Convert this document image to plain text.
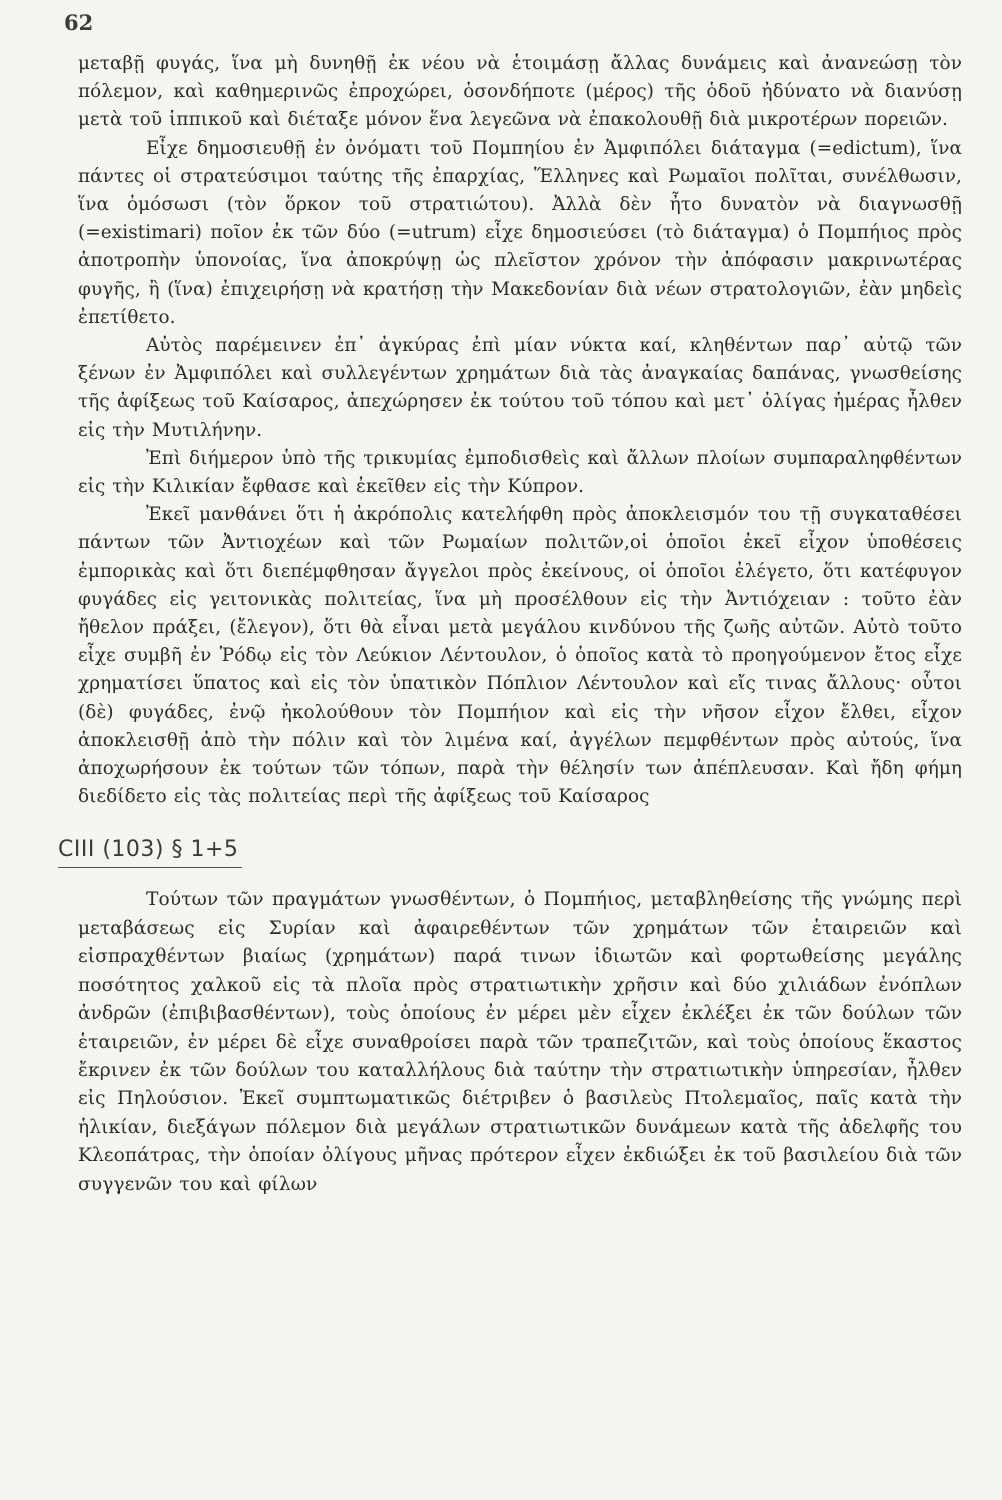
62

μεταβῇ φυγάς, ἵνα μὴ δυνηθῇ ἐκ νέου νὰ ἑτοιμάσῃ ἄλλας δυνάμεις καὶ ἀνανεώσῃ τὸν πόλεμον, καὶ καθημερινῶς ἐπροχώρει, ὁσονδήποτε (μέρος) τῆς ὁδοῦ ἠδύνατο νὰ διανύσῃ μετὰ τοῦ ἱππικοῦ καὶ διέταξε μόνον ἕνα λεγεῶνα νὰ ἐπακολουθῇ διὰ μικροτέρων πορειῶν.

Εἶχε δημοσιευθῇ ἐν ὀνόματι τοῦ Πομπηίου ἐν Ἀμφιπόλει διάταγμα (=edictum), ἵνα πάντες οἱ στρατεύσιμοι ταύτης τῆς ἐπαρχίας, Ἕλληνες καὶ Ρωμαῖοι πολῖται, συνέλθωσιν, ἵνα ὁμόσωσι (τὸν ὅρκον τοῦ στρατιώτου). Ἀλλὰ δὲν ἦτο δυνατὸν νὰ διαγνωσθῇ (=existimari) ποῖον ἐκ τῶν δύο (=utrum) εἶχε δημοσιεύσει (τὸ διάταγμα) ὁ Πομπήιος πρὸς ἀποτροπὴν ὑπονοίας, ἵνα ἀποκρύψῃ ὡς πλεῖστον χρόνον τὴν ἀπόφασιν μακρινωτέρας φυγῆς, ἢ (ἵνα) ἐπιχειρήσῃ νὰ κρατήσῃ τὴν Μακεδονίαν διὰ νέων στρατολογιῶν, ἐὰν μηδεὶς ἐπετίθετο.

Αὐτὸς παρέμεινεν ἐπ᾽ ἀγκύρας ἐπὶ μίαν νύκτα καί, κληθέντων παρ᾽ αὐτῷ τῶν ξένων ἐν Ἀμφιπόλει καὶ συλλεγέντων χρημάτων διὰ τὰς ἀναγκαίας δαπάνας, γνωσθείσης τῆς ἀφίξεως τοῦ Καίσαρος, ἀπεχώρησεν ἐκ τούτου τοῦ τόπου καὶ μετ᾽ ὀλίγας ἡμέρας ἦλθεν εἰς τὴν Μυτιλήνην.

Ἐπὶ διήμερον ὑπὸ τῆς τρικυμίας ἐμποδισθεὶς καὶ ἄλλων πλοίων συμπαραληφθέντων εἰς τὴν Κιλικίαν ἔφθασε καὶ ἐκεῖθεν εἰς τὴν Κύπρον.

Ἐκεῖ μανθάνει ὅτι ἡ ἀκρόπολις κατελήφθη πρὸς ἀποκλεισμόν του τῇ συγκαταθέσει πάντων τῶν Ἀντιοχέων καὶ τῶν Ρωμαίων πολιτῶν,οἱ ὁποῖοι ἐκεῖ εἶχον ὑποθέσεις ἐμπορικὰς καὶ ὅτι διεπέμφθησαν ἄγγελοι πρὸς ἐκείνους, οἱ ὁποῖοι ἐλέγετο, ὅτι κατέφυγον φυγάδες εἰς γειτονικὰς πολιτείας, ἵνα μὴ προσέλθουν εἰς τὴν Ἀντιόχειαν : τοῦτο ἐὰν ἤθελον πράξει, (ἔλεγον), ὅτι θὰ εἶναι μετὰ μεγάλου κινδύνου τῆς ζωῆς αὐτῶν. Αὐτὸ τοῦτο εἶχε συμβῆ ἐν Ῥόδῳ εἰς τὸν Λεύκιον Λέντουλον, ὁ ὁποῖος κατὰ τὸ προηγούμενον ἔτος εἶχε χρηματίσει ὕπατος καὶ εἰς τὸν ὑπατικὸν Πόπλιον Λέντουλον καὶ εἴς τινας ἄλλους· οὗτοι (δὲ) φυγάδες, ἐνῷ ἠκολούθουν τὸν Πομπήιον καὶ εἰς τὴν νῆσον εἶχον ἔλθει, εἶχον ἀποκλεισθῇ ἀπὸ τὴν πόλιν καὶ τὸν λιμένα καί, ἀγγέλων πεμφθέντων πρὸς αὐτούς, ἵνα ἀποχωρήσουν ἐκ τούτων τῶν τόπων, παρὰ τὴν θέλησίν των ἀπέπλευσαν. Καὶ ἤδη φήμη διεδίδετο εἰς τὰς πολιτείας περὶ τῆς ἀφίξεως τοῦ Καίσαρος

CIII (103) § 1+5

Τούτων τῶν πραγμάτων γνωσθέντων, ὁ Πομπήιος, μεταβληθείσης τῆς γνώμης περὶ μεταβάσεως εἰς Συρίαν καὶ ἀφαιρεθέντων τῶν χρημάτων τῶν ἑταιρειῶν καὶ εἰσπραχθέντων βιαίως (χρημάτων) παρά τινων ἰδιωτῶν καὶ φορτωθείσης μεγάλης ποσότητος χαλκοῦ εἰς τὰ πλοῖα πρὸς στρατιωτικὴν χρῆσιν καὶ δύο χιλιάδων ἐνόπλων ἀνδρῶν (ἐπιβιβασθέντων), τοὺς ὁποίους ἐν μέρει μὲν εἶχεν ἐκλέξει ἐκ τῶν δούλων τῶν ἑταιρειῶν, ἐν μέρει δὲ εἶχε συναθροίσει παρὰ τῶν τραπεζιτῶν, καὶ τοὺς ὁποίους ἕκαστος ἔκρινεν ἐκ τῶν δούλων του καταλλήλους διὰ ταύτην τὴν στρατιωτικὴν ὑπηρεσίαν, ἦλθεν εἰς Πηλούσιον. Ἐκεῖ συμπτωματικῶς διέτριβεν ὁ βασιλεὺς Πτολεμαῖος, παῖς κατὰ τὴν ἡλικίαν, διεξάγων πόλεμον διὰ μεγάλων στρατιωτικῶν δυνάμεων κατὰ τῆς ἀδελφῆς του Κλεοπάτρας, τὴν ὁποίαν ὀλίγους μῆνας πρότερον εἶχεν ἐκδιώξει ἐκ τοῦ βασιλείου διὰ τῶν συγγενῶν του καὶ φίλων
